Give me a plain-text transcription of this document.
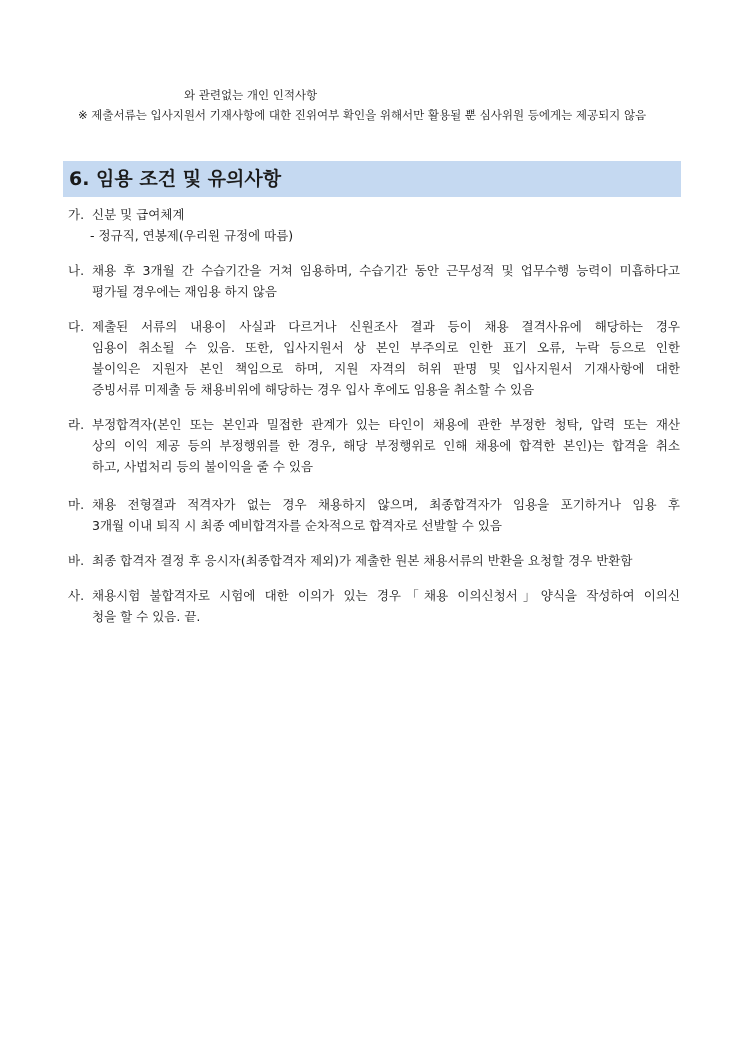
와 관련없는 개인 인적사항
※ 제출서류는 입사지원서 기재사항에 대한 진위여부 확인을 위해서만 활용될 뿐 심사위원 등에게는 제공되지 않음
6. 임용 조건 및 유의사항
가. 신분 및 급여체계
- 정규직, 연봉제(우리원 규정에 따름)
나. 채용 후 3개월 간 수습기간을 거쳐 임용하며, 수습기간 동안 근무성적 및 업무수행 능력이 미흡하다고
평가될 경우에는 재임용 하지 않음
다. 제출된 서류의 내용이 사실과 다르거나 신원조사 결과 등이 채용 결격사유에 해당하는 경우
임용이 취소될 수 있음. 또한, 입사지원서 상 본인 부주의로 인한 표기 오류, 누락 등으로 인한
불이익은 지원자 본인 책임으로 하며, 지원 자격의 허위 판명 및 입사지원서 기재사항에 대한
증빙서류 미제출 등 채용비위에 해당하는 경우 입사 후에도 임용을 취소할 수 있음
라. 부정합격자(본인 또는 본인과 밀접한 관계가 있는 타인이 채용에 관한 부정한 청탁, 압력 또는 재산
상의 이익 제공 등의 부정행위를 한 경우, 해당 부정행위로 인해 채용에 합격한 본인)는 합격을 취소
하고, 사법처리 등의 불이익을 줄 수 있음
마. 채용 전형결과 적격자가 없는 경우 채용하지 않으며, 최종합격자가 임용을 포기하거나 임용 후
3개월 이내 퇴직 시 최종 예비합격자를 순차적으로 합격자로 선발할 수 있음
바. 최종 합격자 결정 후 응시자(최종합격자 제외)가 제출한 원본 채용서류의 반환을 요청할 경우 반환함
사. 채용시험 불합격자로 시험에 대한 이의가 있는 경우「채용 이의신청서」양식을 작성하여 이의신
청을 할 수 있음. 끝.
